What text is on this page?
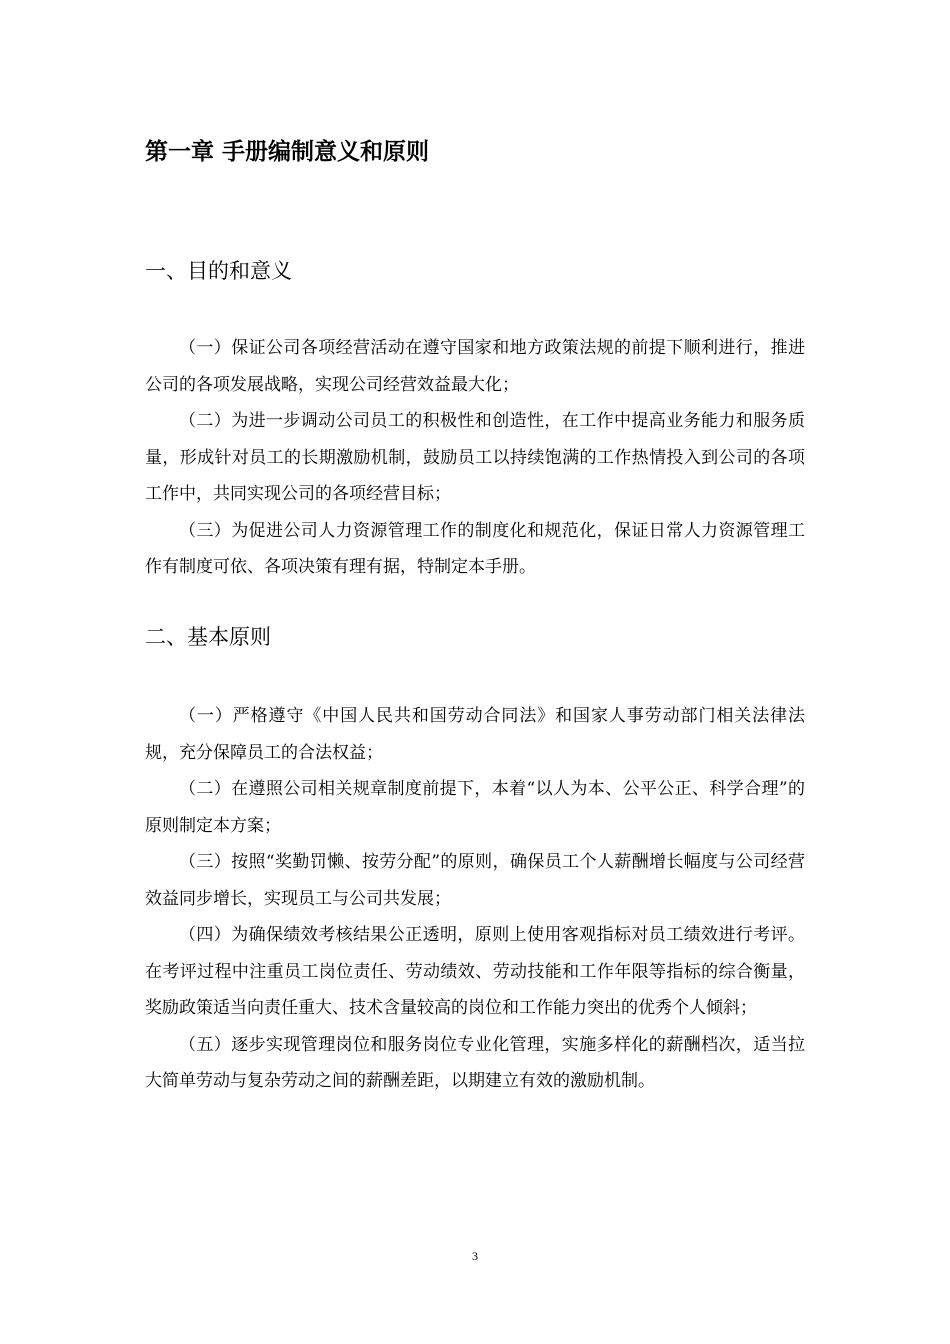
第一章 手册编制意义和原则
一、目的和意义

（一）保证公司各项经营活动在遵守国家和地方政策法规的前提下顺利进行，推进公司的各项发展战略，实现公司经营效益最大化；

（二）为进一步调动公司员工的积极性和创造性，在工作中提高业务能力和服务质量，形成针对员工的长期激励机制，鼓励员工以持续饱满的工作热情投入到公司的各项工作中，共同实现公司的各项经营目标；

（三）为促进公司人力资源管理工作的制度化和规范化，保证日常人力资源管理工作有制度可依、各项决策有理有据，特制定本手册。

二、基本原则

（一）严格遵守《中国人民共和国劳动合同法》和国家人事劳动部门相关法律法规，充分保障员工的合法权益；

（二）在遵照公司相关规章制度前提下，本着“以人为本、公平公正、科学合理”的原则制定本方案；

（三）按照“奖勤罚懒、按劳分配”的原则，确保员工个人薪酬增长幅度与公司经营效益同步增长，实现员工与公司共发展；

（四）为确保绩效考核结果公正透明，原则上使用客观指标对员工绩效进行考评。在考评过程中注重员工岗位责任、劳动绩效、劳动技能和工作年限等指标的综合衡量，奖励政策适当向责任重大、技术含量较高的岗位和工作能力突出的优秀个人倾斜；

（五）逐步实现管理岗位和服务岗位专业化管理，实施多样化的薪酬档次，适当拉大简单劳动与复杂劳动之间的薪酬差距，以期建立有效的激励机制。

3
